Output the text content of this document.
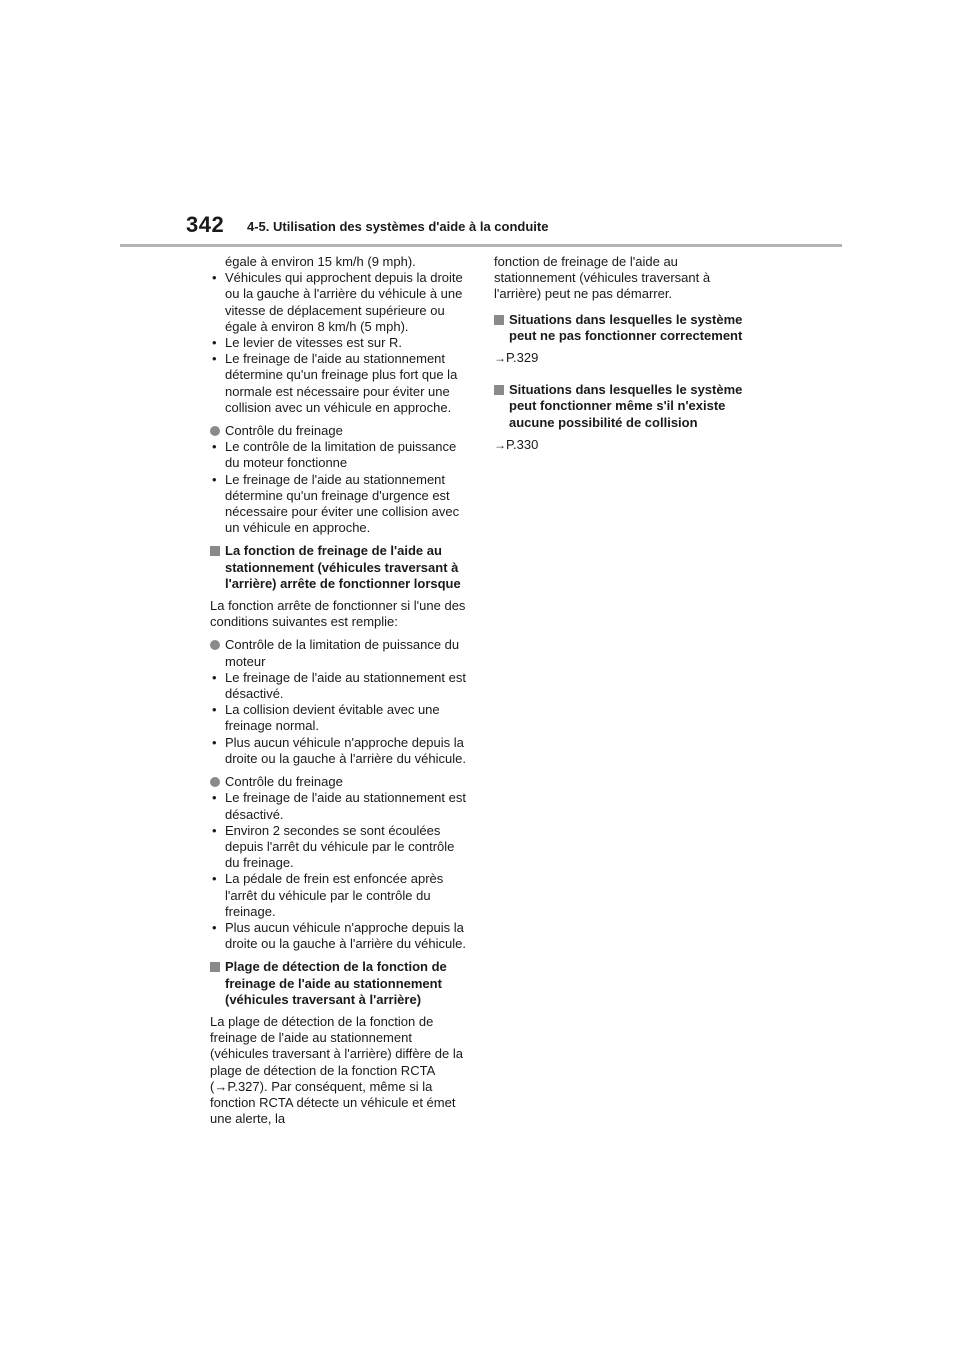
342 4-5. Utilisation des systèmes d'aide à la conduite

égale à environ 15 km/h (9 mph).

• Véhicules qui approchent depuis la droite ou la gauche à l'arrière du véhicule à une vitesse de déplacement supérieure ou égale à environ 8 km/h (5 mph).
• Le levier de vitesses est sur R.
• Le freinage de l'aide au stationnement détermine qu'un freinage plus fort que la normale est nécessaire pour éviter une collision avec un véhicule en approche.

Contrôle du freinage

• Le contrôle de la limitation de puissance du moteur fonctionne
• Le freinage de l'aide au stationnement détermine qu'un freinage d'urgence est nécessaire pour éviter une collision avec un véhicule en approche.

La fonction de freinage de l'aide au stationnement (véhicules traversant à l'arrière) arrête de fonctionner lorsque

La fonction arrête de fonctionner si l'une des conditions suivantes est remplie:

Contrôle de la limitation de puissance du moteur

• Le freinage de l'aide au stationnement est désactivé.
• La collision devient évitable avec une freinage normal.
• Plus aucun véhicule n'approche depuis la droite ou la gauche à l'arrière du véhicule.

Contrôle du freinage

• Le freinage de l'aide au stationnement est désactivé.
• Environ 2 secondes se sont écoulées depuis l'arrêt du véhicule par le contrôle du freinage.
• La pédale de frein est enfoncée après l'arrêt du véhicule par le contrôle du freinage.
• Plus aucun véhicule n'approche depuis la droite ou la gauche à l'arrière du véhicule.

Plage de détection de la fonction de freinage de l'aide au stationnement (véhicules traversant à l'arrière)

La plage de détection de la fonction de freinage de l'aide au stationnement (véhicules traversant à l'arrière) diffère de la plage de détection de la fonction RCTA (→P.327). Par conséquent, même si la fonction RCTA détecte un véhicule et émet une alerte, la

fonction de freinage de l'aide au stationnement (véhicules traversant à l'arrière) peut ne pas démarrer.

Situations dans lesquelles le système peut ne pas fonctionner correctement

→P.329

Situations dans lesquelles le système peut fonctionner même s'il n'existe aucune possibilité de collision

→P.330
